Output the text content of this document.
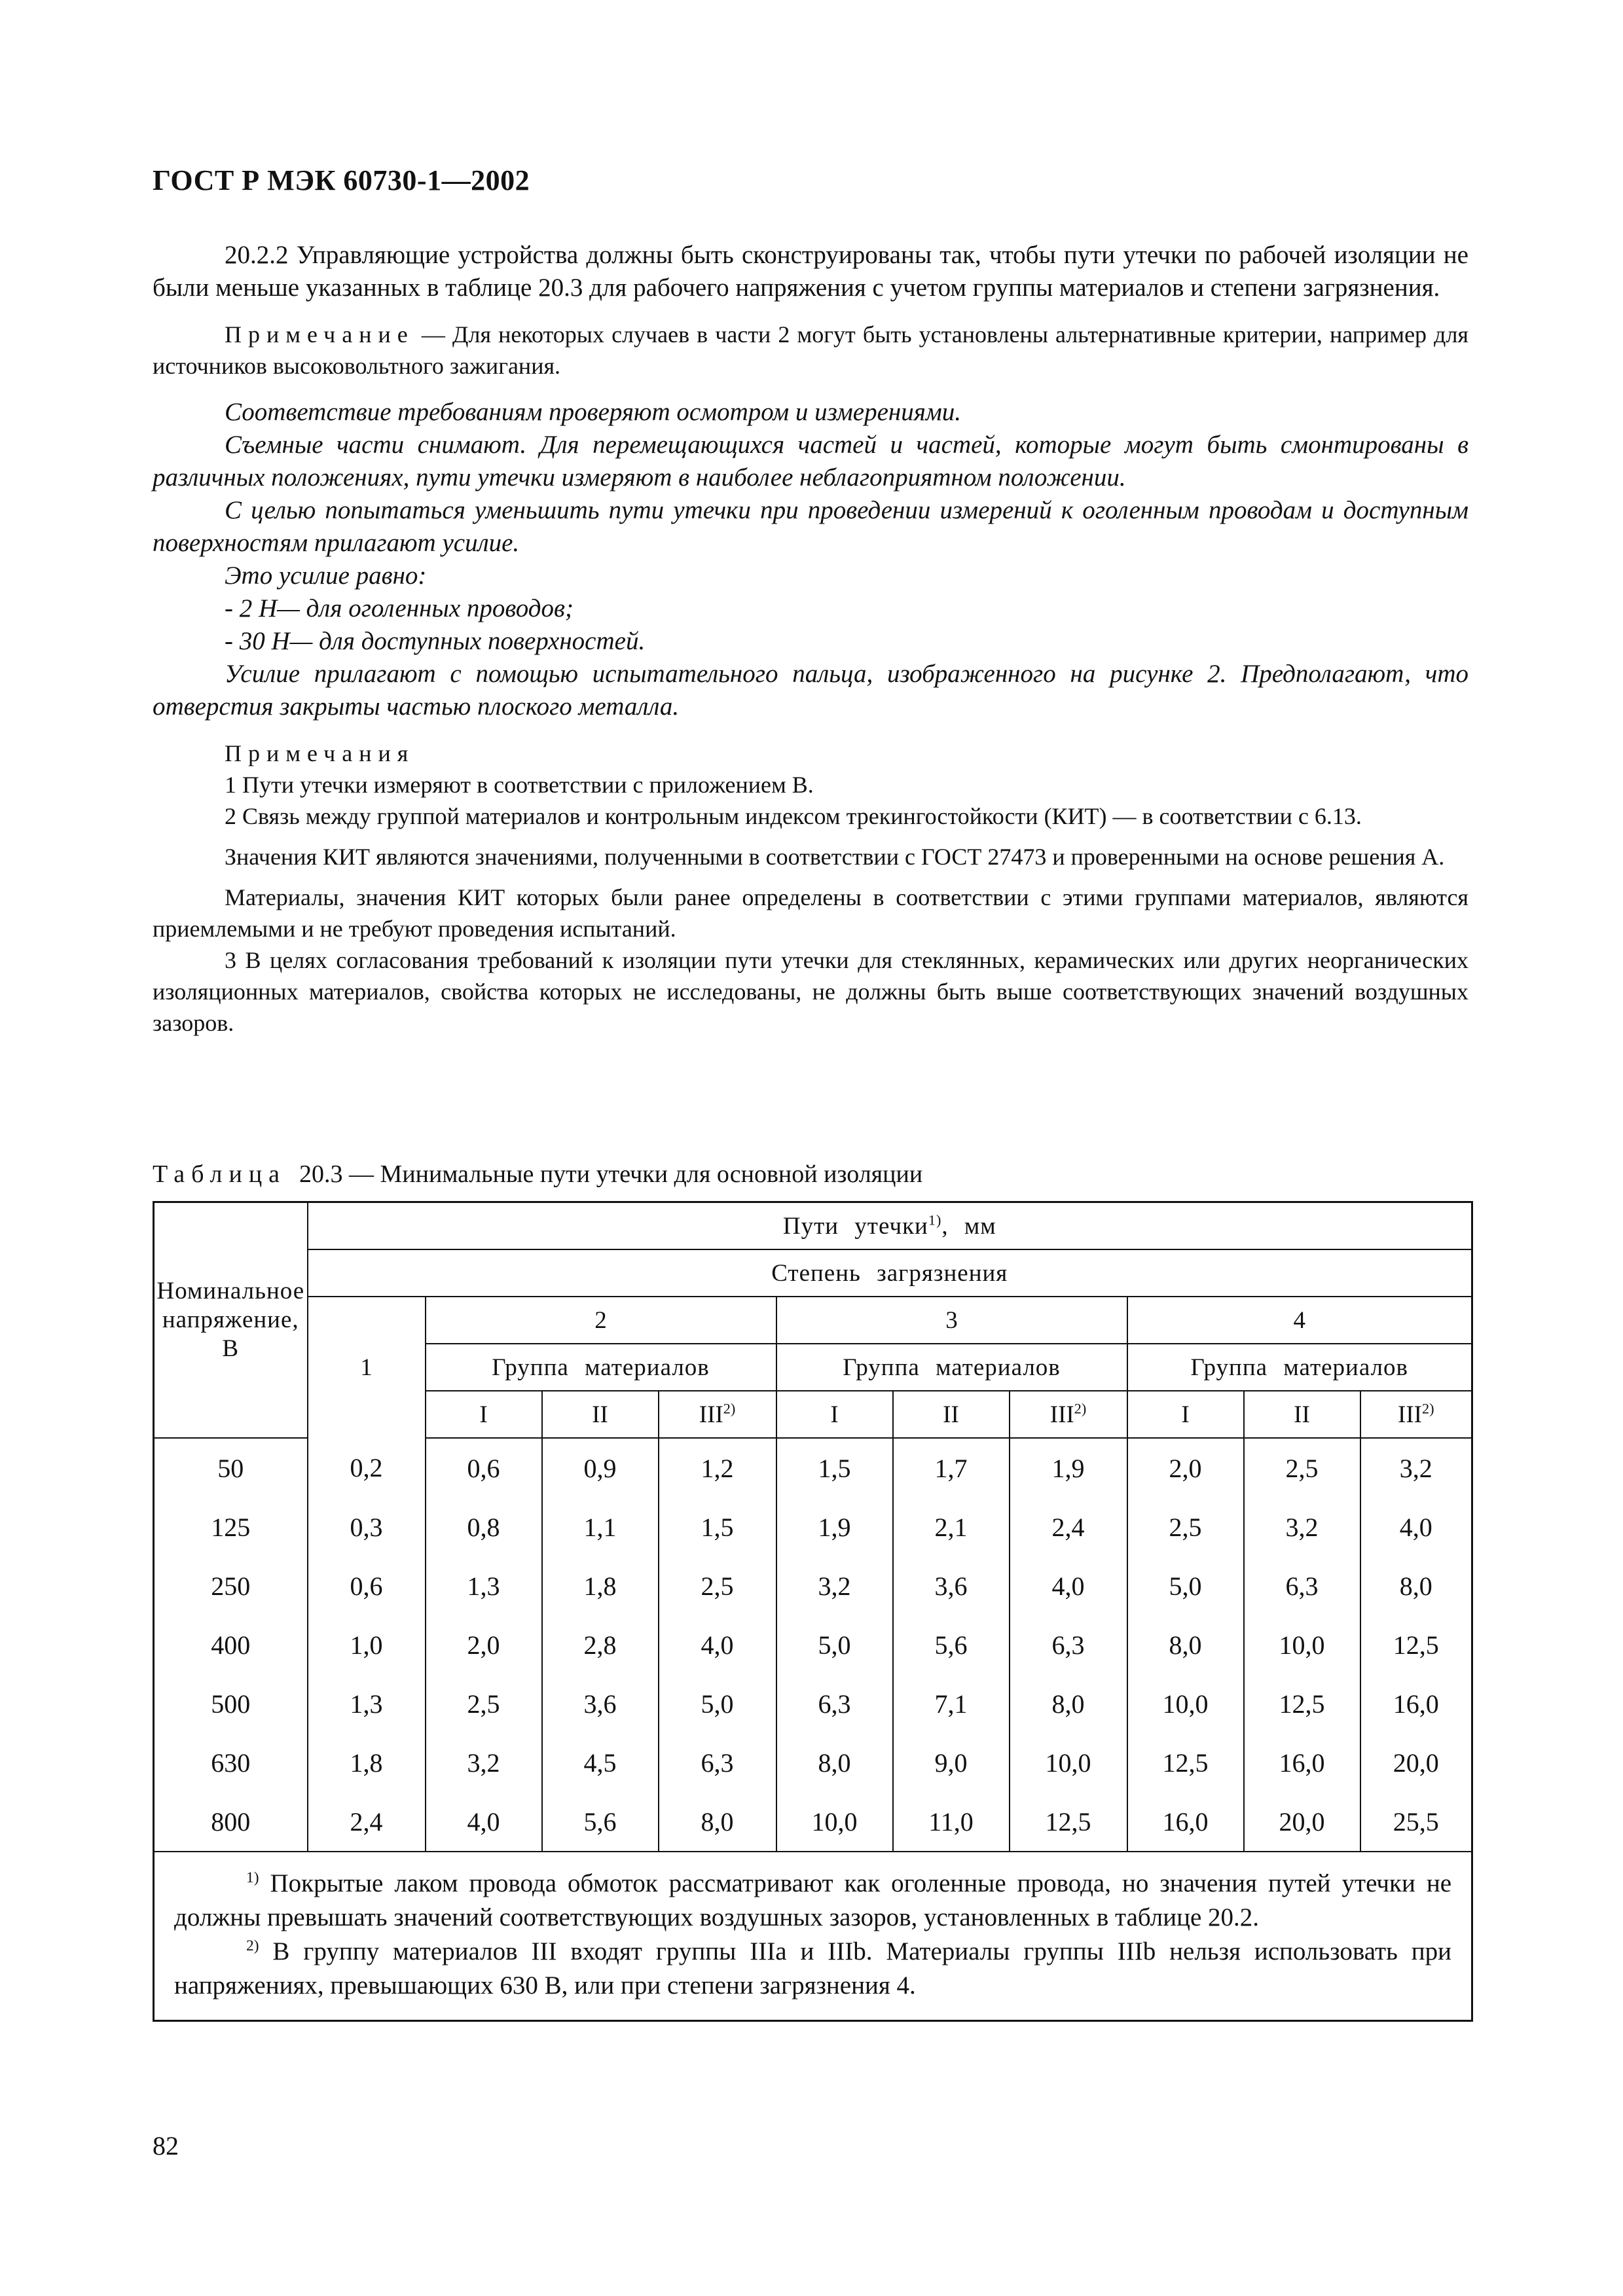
ГОСТ Р МЭК 60730-1—2002

20.2.2 Управляющие устройства должны быть сконструированы так, чтобы пути утечки по рабочей изоляции не были меньше указанных в таблице 20.3 для рабочего напряжения с учетом группы материалов и степени загрязнения.

Примечание — Для некоторых случаев в части 2 могут быть установлены альтернативные критерии, например для источников высоковольтного зажигания.

Соответствие требованиям проверяют осмотром и измерениями.

Съемные части снимают. Для перемещающихся частей и частей, которые могут быть смонтированы в различных положениях, пути утечки измеряют в наиболее неблагоприятном положении.

С целью попытаться уменьшить пути утечки при проведении измерений к оголенным проводам и доступным поверхностям прилагают усилие.

Это усилие равно:

- 2 Н— для оголенных проводов;

- 30 Н— для доступных поверхностей.

Усилие прилагают с помощью испытательного пальца, изображенного на рисунке 2. Предполагают, что отверстия закрыты частью плоского металла.

Примечания

1 Пути утечки измеряют в соответствии с приложением В.

2 Связь между группой материалов и контрольным индексом трекингостойкости (КИТ) — в соответствии с 6.13.

Значения КИТ являются значениями, полученными в соответствии с ГОСТ 27473 и проверенными на основе решения А.

Материалы, значения КИТ которых были ранее определены в соответствии с этими группами материалов, являются приемлемыми и не требуют проведения испытаний.

3 В целях согласования требований к изоляции пути утечки для стеклянных, керамических или других неорганических изоляционных материалов, свойства которых не исследованы, не должны быть выше соответствующих значений воздушных зазоров.

Таблица 20.3 — Минимальные пути утечки для основной изоляции
Номинальное напряжение, В	Пути утечки$^{1)}$, мм									
	Степень загрязнения									
	1	2			3			4		
		Группа материалов			Группа материалов			Группа материалов		
		I	II	III$^{2)}$	I	II	III$^{2)}$	I	II	III$^{2)}$
50	0,2	0,6	0,9	1,2	1,5	1,7	1,9	2,0	2,5	3,2
125	0,3	0,8	1,1	1,5	1,9	2,1	2,4	2,5	3,2	4,0
250	0,6	1,3	1,8	2,5	3,2	3,6	4,0	5,0	6,3	8,0
400	1,0	2,0	2,8	4,0	5,0	5,6	6,3	8,0	10,0	12,5
500	1,3	2,5	3,6	5,0	6,3	7,1	8,0	10,0	12,5	16,0
630	1,8	3,2	4,5	6,3	8,0	9,0	10,0	12,5	16,0	20,0
800	2,4	4,0	5,6	8,0	10,0	11,0	12,5	16,0	20,0	25,5

$^{1)}$ Покрытые лаком провода обмоток рассматривают как оголенные провода, но значения путей утечки не должны превышать значений соответствующих воздушных зазоров, установленных в таблице 20.2.

$^{2)}$ В группу материалов III входят группы IIIa и IIIb. Материалы группы IIIb нельзя использовать при напряжениях, превышающих 630 В, или при степени загрязнения 4.										

82
